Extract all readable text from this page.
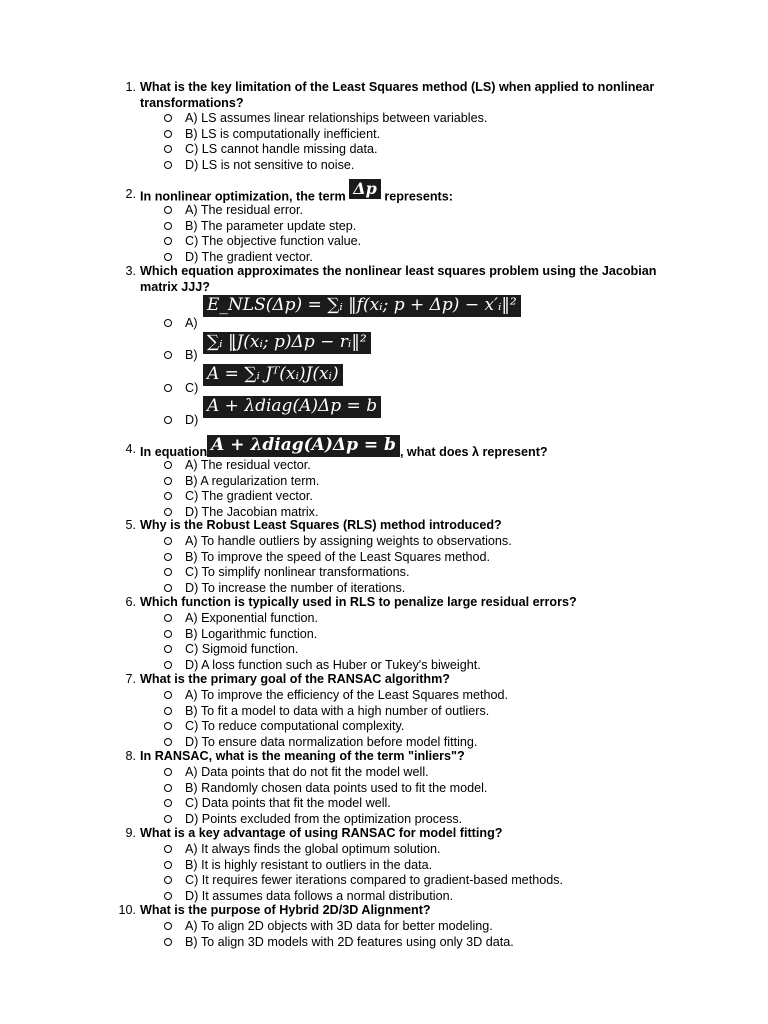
1. What is the key limitation of the Least Squares method (LS) when applied to nonlinear transformations?
A) LS assumes linear relationships between variables.
B) LS is computationally inefficient.
C) LS cannot handle missing data.
D) LS is not sensitive to noise.
2. In nonlinear optimization, the term Δp represents:
A) The residual error.
B) The parameter update step.
C) The objective function value.
D) The gradient vector.
3. Which equation approximates the nonlinear least squares problem using the Jacobian matrix JJJ?
A)
E_NLS(Δp) = ∑ᵢ ‖f(xᵢ; p + Δp) − x′ᵢ‖²
B)
∑ᵢ ‖J(xᵢ; p)Δp − rᵢ‖²
C)
A = ∑ᵢ Jᵀ(xᵢ)J(xᵢ)
D)
A + λdiag(A)Δp = b
4. In equation A + λdiag(A)Δp = b , what does λ represent?
A) The residual vector.
B) A regularization term.
C) The gradient vector.
D) The Jacobian matrix.
5. Why is the Robust Least Squares (RLS) method introduced?
A) To handle outliers by assigning weights to observations.
B) To improve the speed of the Least Squares method.
C) To simplify nonlinear transformations.
D) To increase the number of iterations.
6. Which function is typically used in RLS to penalize large residual errors?
A) Exponential function.
B) Logarithmic function.
C) Sigmoid function.
D) A loss function such as Huber or Tukey's biweight.
7. What is the primary goal of the RANSAC algorithm?
A) To improve the efficiency of the Least Squares method.
B) To fit a model to data with a high number of outliers.
C) To reduce computational complexity.
D) To ensure data normalization before model fitting.
8. In RANSAC, what is the meaning of the term "inliers"?
A) Data points that do not fit the model well.
B) Randomly chosen data points used to fit the model.
C) Data points that fit the model well.
D) Points excluded from the optimization process.
9. What is a key advantage of using RANSAC for model fitting?
A) It always finds the global optimum solution.
B) It is highly resistant to outliers in the data.
C) It requires fewer iterations compared to gradient-based methods.
D) It assumes data follows a normal distribution.
10. What is the purpose of Hybrid 2D/3D Alignment?
A) To align 2D objects with 3D data for better modeling.
B) To align 3D models with 2D features using only 3D data.
